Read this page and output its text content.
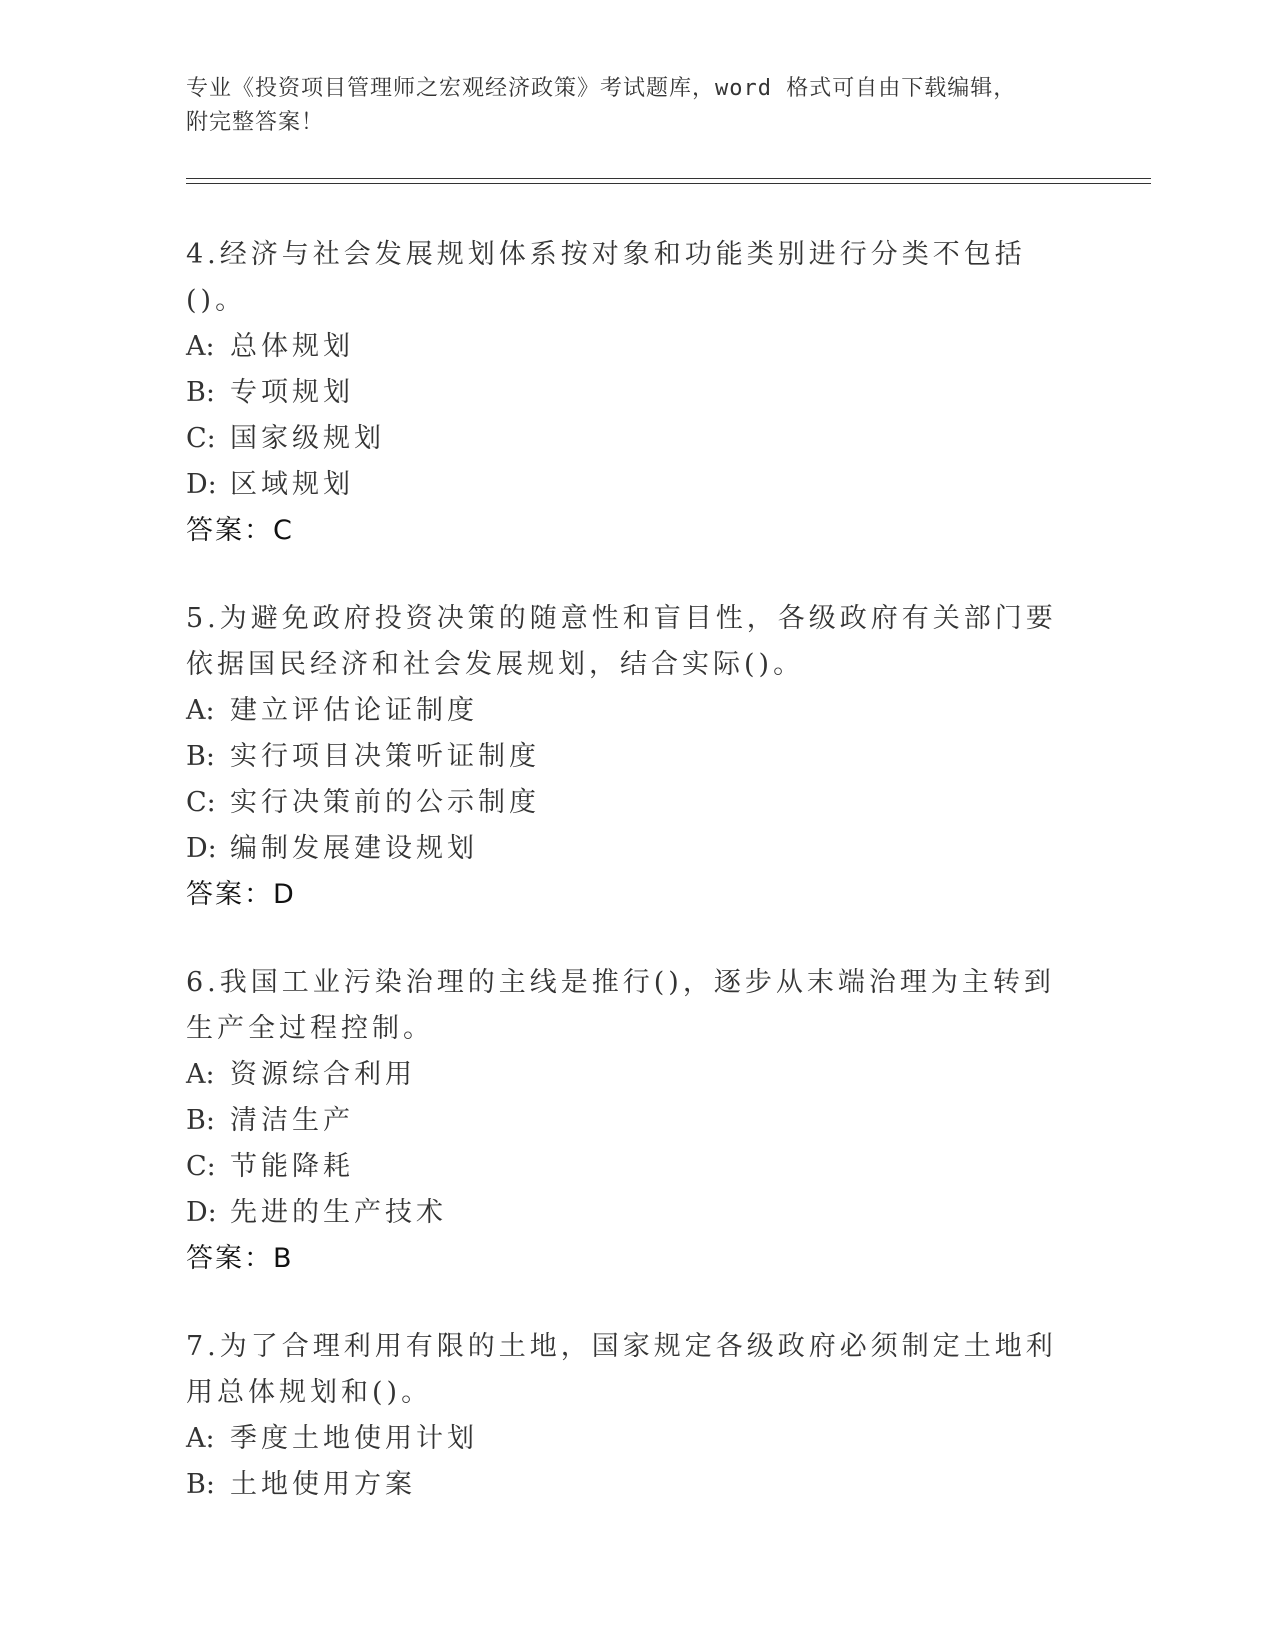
专业《投资项目管理师之宏观经济政策》考试题库，word 格式可自由下载编辑，
附完整答案！

4.经济与社会发展规划体系按对象和功能类别进行分类不包括()。

A: 总体规划

B: 专项规划

C: 国家级规划

D: 区域规划

答案：C

5.为避免政府投资决策的随意性和盲目性，各级政府有关部门要依据国民经济和社会发展规划，结合实际()。

A: 建立评估论证制度

B: 实行项目决策听证制度

C: 实行决策前的公示制度

D: 编制发展建设规划

答案：D

6.我国工业污染治理的主线是推行()，逐步从末端治理为主转到生产全过程控制。

A: 资源综合利用

B: 清洁生产

C: 节能降耗

D: 先进的生产技术

答案：B

7.为了合理利用有限的土地，国家规定各级政府必须制定土地利用总体规划和()。

A: 季度土地使用计划

B: 土地使用方案
